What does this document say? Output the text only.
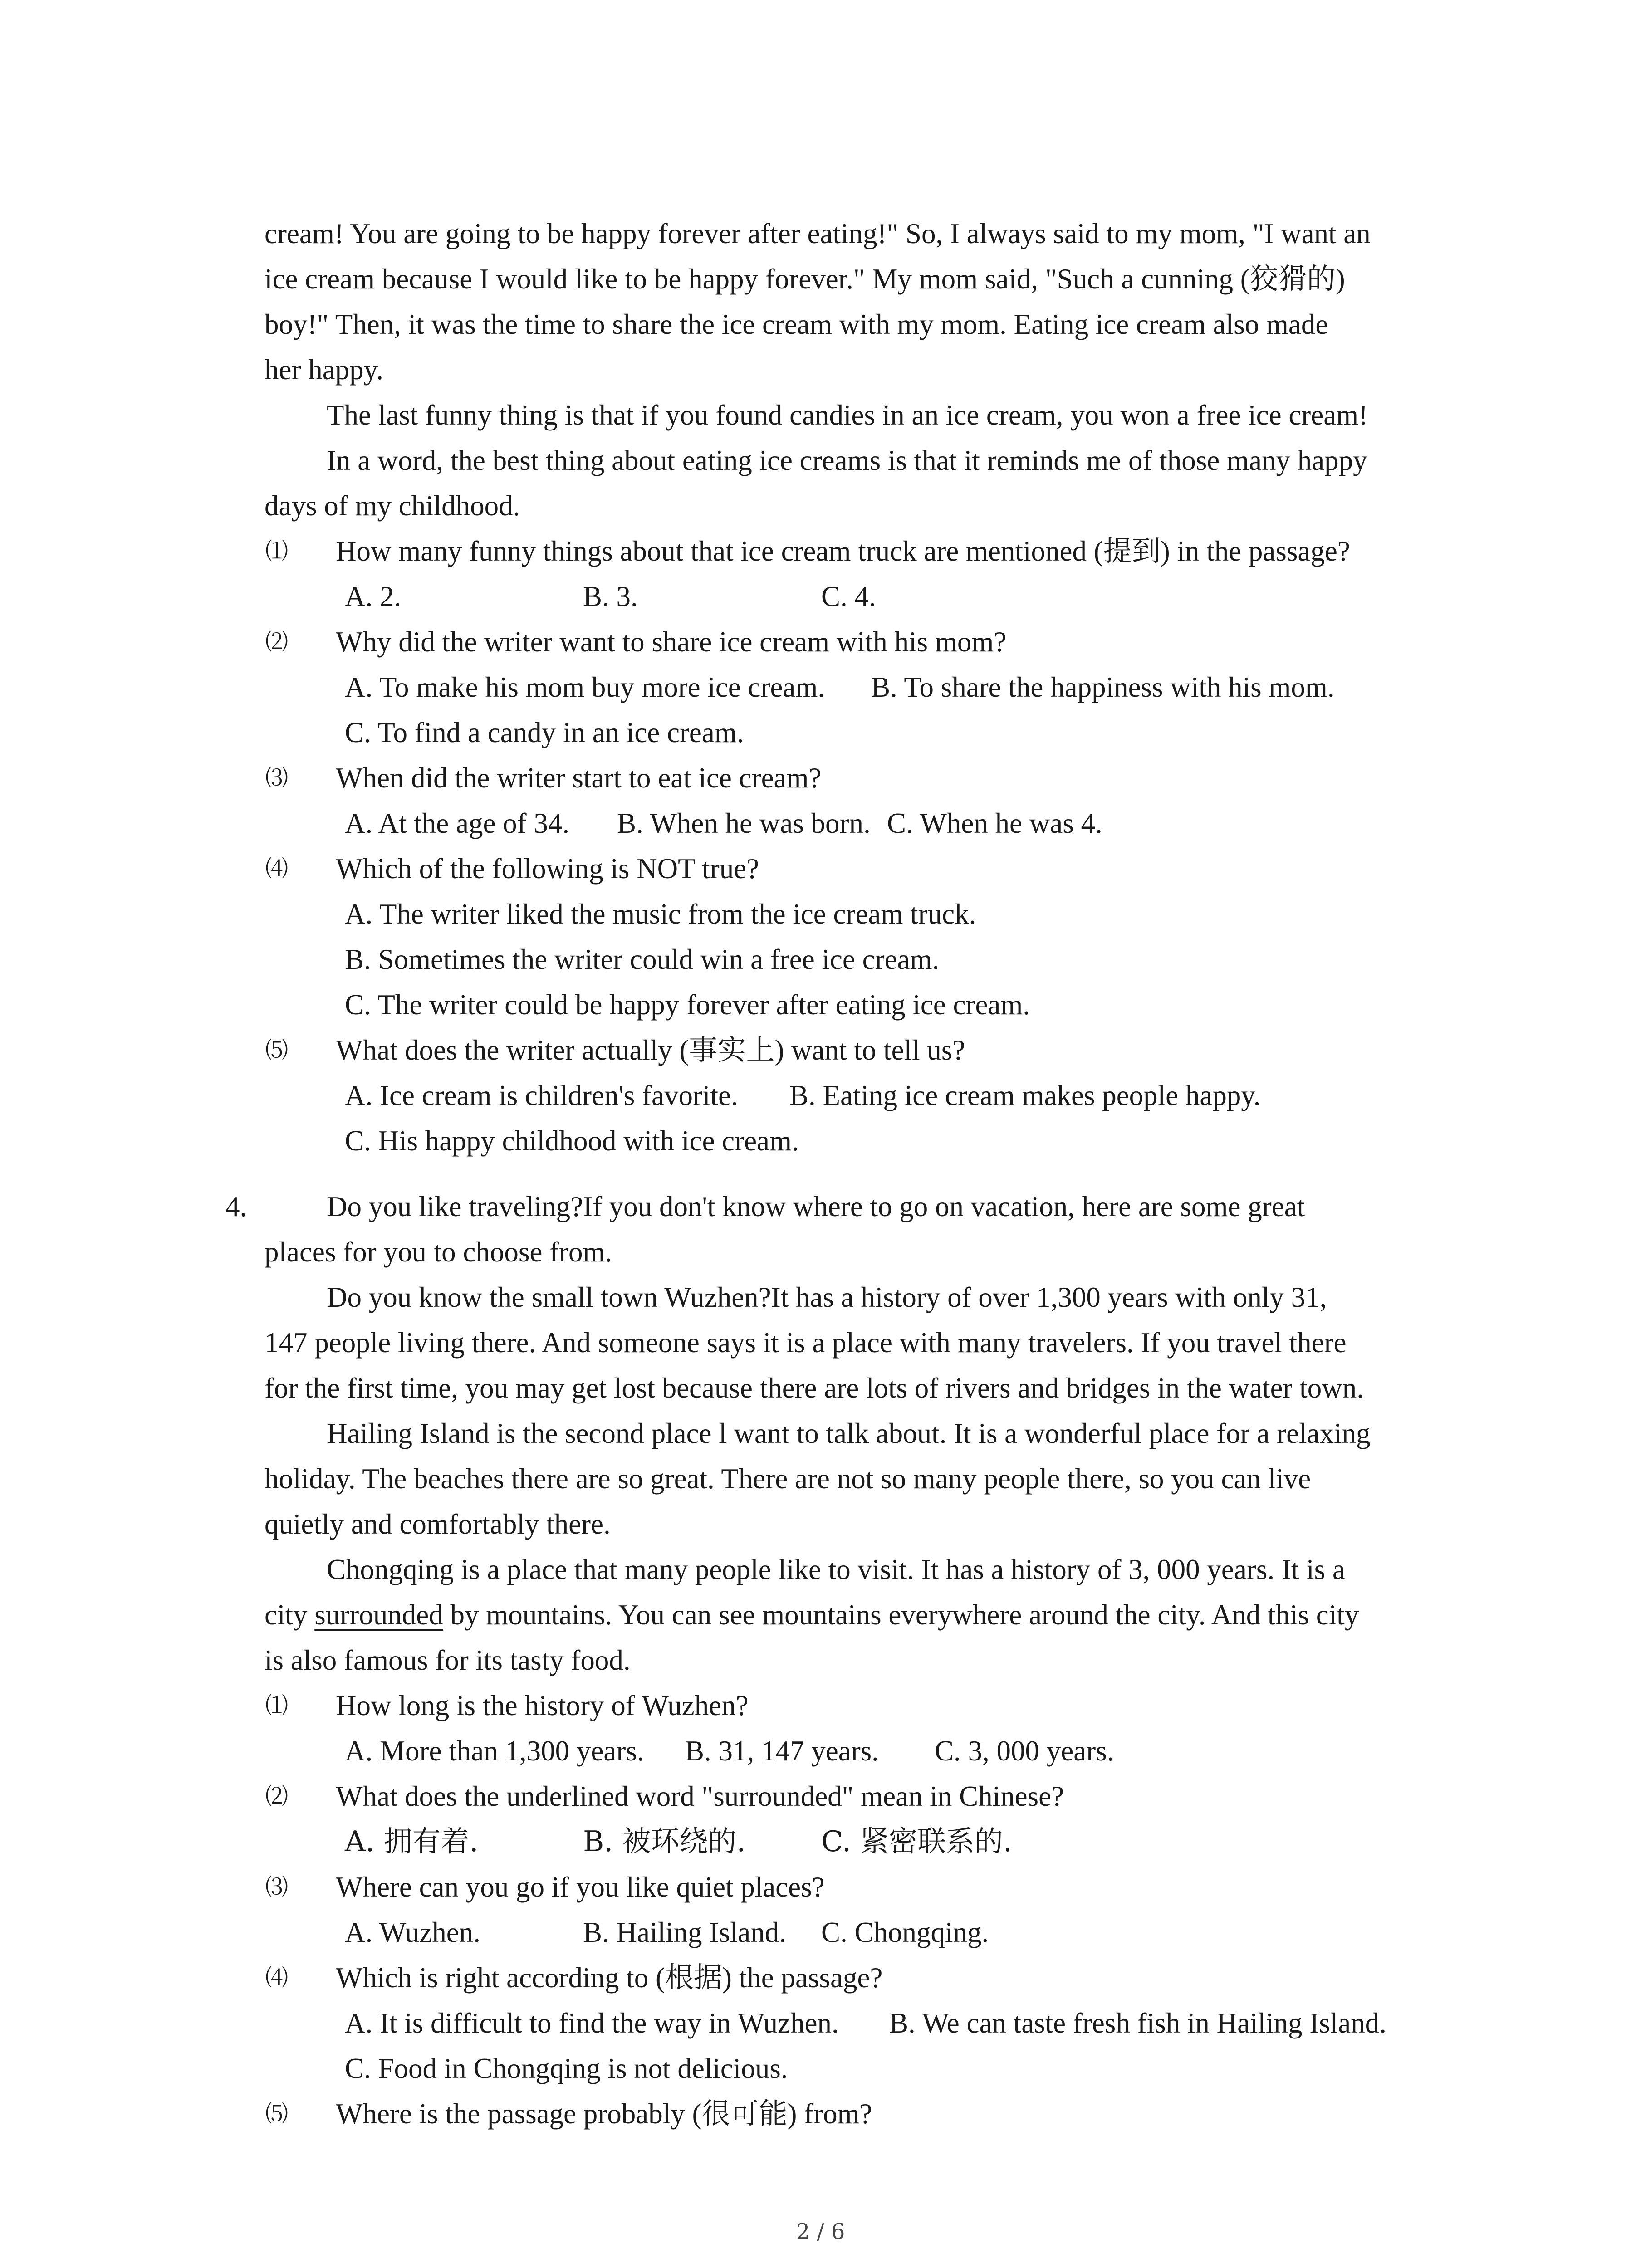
cream! You are going to be happy forever after eating!" So, I always said to my mom, "I want an
ice cream because I would like to be happy forever." My mom said, "Such a cunning (狡猾的)
boy!" Then, it was the time to share the ice cream with my mom. Eating ice cream also made
her happy.
The last funny thing is that if you found candies in an ice cream, you won a free ice cream!
In a word, the best thing about eating ice creams is that it reminds me of those many happy
days of my childhood.
⑴ How many funny things about that ice cream truck are mentioned (提到) in the passage?
A. 2.	B. 3.	C. 4.
⑵ Why did the writer want to share ice cream with his mom?
A. To make his mom buy more ice cream. B. To share the happiness with his mom.
C. To find a candy in an ice cream.
⑶ When did the writer start to eat ice cream?
A. At the age of 34. B. When he was born. C. When he was 4.
⑷ Which of the following is NOT true?
A. The writer liked the music from the ice cream truck.
B. Sometimes the writer could win a free ice cream.
C. The writer could be happy forever after eating ice cream.
⑸ What does the writer actually (事实上) want to tell us?
A. Ice cream is children's favorite. B. Eating ice cream makes people happy.
C. His happy childhood with ice cream.
4.	Do you like traveling?If you don't know where to go on vacation, here are some great
places for you to choose from.
Do you know the small town Wuzhen?It has a history of over 1,300 years with only 31,
147 people living there. And someone says it is a place with many travelers. If you travel there
for the first time, you may get lost because there are lots of rivers and bridges in the water town.
Hailing Island is the second place l want to talk about. It is a wonderful place for a relaxing
holiday. The beaches there are so great. There are not so many people there, so you can live
quietly and comfortably there.
Chongqing is a place that many people like to visit. It has a history of 3, 000 years. It is a
city surrounded by mountains. You can see mountains everywhere around the city. And this city
is also famous for its tasty food.
⑴ How long is the history of Wuzhen?
A. More than 1,300 years. B. 31, 147 years. C. 3, 000 years.
⑵ What does the underlined word "surrounded" mean in Chinese?
A. 拥有着.	B. 被环绕的.	C. 紧密联系的.
⑶ Where can you go if you like quiet places?
A. Wuzhen.	B. Hailing Island. C. Chongqing.
⑷ Which is right according to (根据) the passage?
A. It is difficult to find the way in Wuzhen. B. We can taste fresh fish in Hailing Island.
C. Food in Chongqing is not delicious.
⑸ Where is the passage probably (很可能) from?
2 / 6
